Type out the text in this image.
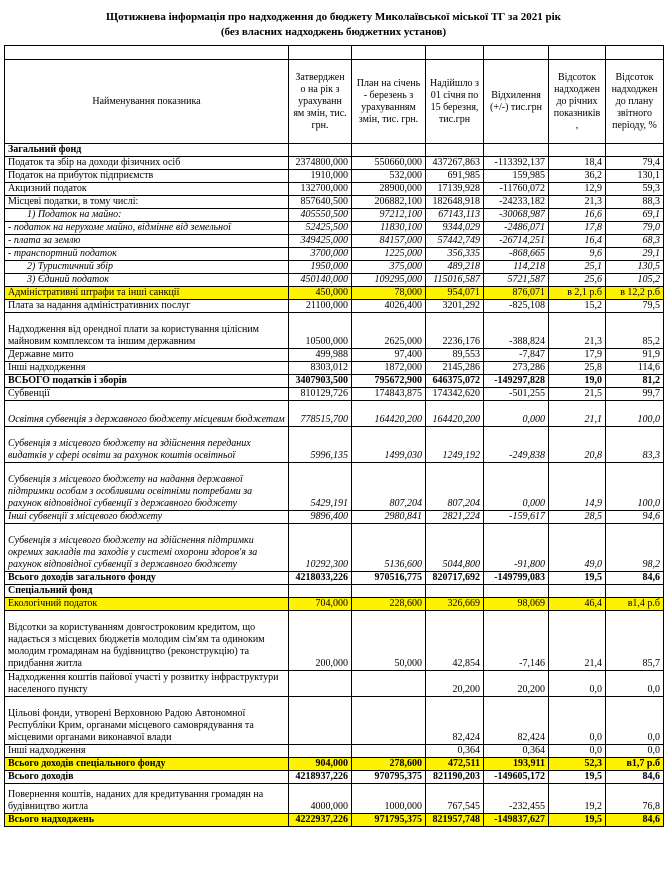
Щотижнева інформація про надходження до бюджету Миколаївської міської ТГ за 2021 рік
(без власних надходжень бюджетних установ)

Найменування показника	Затверджен о на рік з урахуванн ям змін, тис. грн.	План на січень - березень з урахуванням змін, тис. грн.	Надійшло з 01 січня по 15 березня, тис.грн	Відхилення (+/-) тис.грн	Відсоток надходжен до річних показників ,	Відсоток надходжен до плану звітного періоду, %
Загальний фонд						
Податок та збір на доходи фізичних осіб	2374800,000	550660,000	437267,863	-113392,137	18,4	79,4
Податок на прибуток підприємств	1910,000	532,000	691,985	159,985	36,2	130,1
Акцизний податок	132700,000	28900,000	17139,928	-11760,072	12,9	59,3
Місцеві податки, в тому числі:	857640,500	206882,100	182648,918	-24233,182	21,3	88,3
1) Податок на майно:	405550,500	97212,100	67143,113	-30068,987	16,6	69,1
- податок на нерухоме майно, відмінне від земельної	52425,500	11830,100	9344,029	-2486,071	17,8	79,0
- плата за землю	349425,000	84157,000	57442,749	-26714,251	16,4	68,3
- транспортний податок	3700,000	1225,000	356,335	-868,665	9,6	29,1
2) Туристичний збір	1950,000	375,000	489,218	114,218	25,1	130,5
3) Єдиний податок	450140,000	109295,000	115016,587	5721,587	25,6	105,2
Адміністративні штрафи та інші санкції	450,000	78,000	954,071	876,071	в 2,1 р.б	в 12,2 р.б
Плата за надання адміністративних послуг	21100,000	4026,400	3201,292	-825,108	15,2	79,5
Надходження від орендної плати за користування цілісним майновим комплексом та іншим державним	10500,000	2625,000	2236,176	-388,824	21,3	85,2
Державне мито	499,988	97,400	89,553	-7,847	17,9	91,9
Інші надходження	8303,012	1872,000	2145,286	273,286	25,8	114,6
ВСЬОГО податків і зборів	3407903,500	795672,900	646375,072	-149297,828	19,0	81,2
Субвенції	810129,726	174843,875	174342,620	-501,255	21,5	99,7
Освітня субвенція з державного бюджету місцевим бюджетам	778515,700	164420,200	164420,200	0,000	21,1	100,0
Субвенція з місцевого бюджету на здійснення переданих видатків у сфері освіти за рахунок коштів освітньої	5996,135	1499,030	1249,192	-249,838	20,8	83,3
Субвенція з місцевого бюджету на надання державної підтримки особам з особливими освітніми потребами за рахунок відповідної субвенції з державного бюджету	5429,191	807,204	807,204	0,000	14,9	100,0
Інші субвенції з місцевого бюджету	9896,400	2980,841	2821,224	-159,617	28,5	94,6
Субвенція з місцевого бюджету на здійснення підтримки окремих закладів та заходів у системі охорони здоров'я за рахунок відповідної субвенції з державного бюджету	10292,300	5136,600	5044,800	-91,800	49,0	98,2
Всього доходів загального фонду	4218033,226	970516,775	820717,692	-149799,083	19,5	84,6
Спеціальний фонд						
Екологічний податок	704,000	228,600	326,669	98,069	46,4	в1,4 р.б
Відсотки за користуванням довгостроковим кредитом, що надається з місцевих бюджетів молодим сім'ям та одиноким молодим громадянам на будівництво (реконструкцію) та придбання житла	200,000	50,000	42,854	-7,146	21,4	85,7
Надходження коштів пайової участі у розвитку інфраструктури населеного пункту			20,200	20,200	0,0	0,0
Цільові фонди, утворені Верховною Радою Автономної Республіки Крим, органами місцевого самоврядування та місцевими органами виконавчої влади			82,424	82,424	0,0	0,0
Інші надходження			0,364	0,364	0,0	0,0
Всього доходів спеціального фонду	904,000	278,600	472,511	193,911	52,3	в1,7 р.б
Всього доходів	4218937,226	970795,375	821190,203	-149605,172	19,5	84,6
Повернення коштів, наданих для кредитування громадян на будівництво житла	4000,000	1000,000	767,545	-232,455	19,2	76,8
Всього надходжень	4222937,226	971795,375	821957,748	-149837,627	19,5	84,6
